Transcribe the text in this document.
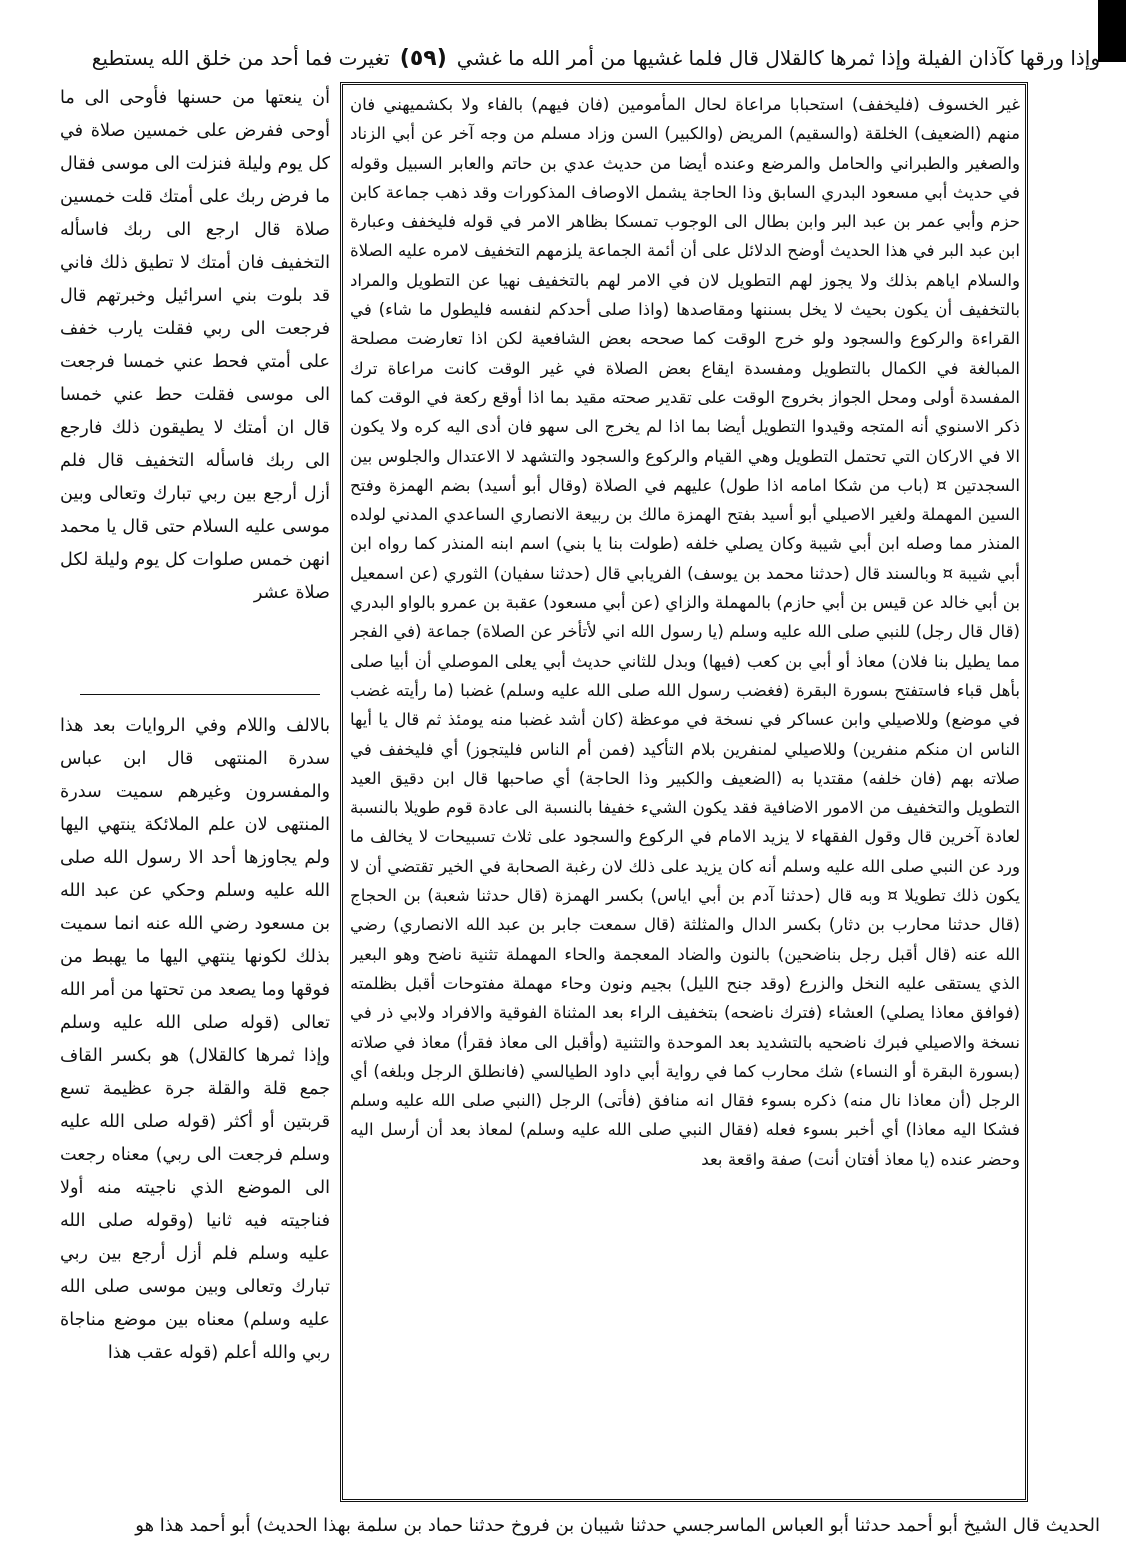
وإذا ورقها كآذان الفيلة وإذا ثمرها كالقلال قال فلما غشيها من أمر الله ما غشي
(٥٩)
تغيرت فما أحد من خلق الله يستطيع

غير الخسوف (فليخفف) استحبابا مراعاة لحال المأمومين (فان فيهم) بالفاء ولا بكشميهني فان منهم (الضعيف) الخلقة (والسقيم) المريض (والكبير) السن وزاد مسلم من وجه آخر عن أبي الزناد والصغير والطبراني والحامل والمرضع وعنده أيضا من حديث عدي بن حاتم والعابر السبيل وقوله في حديث أبي مسعود البدري السابق وذا الحاجة يشمل الاوصاف المذكورات وقد ذهب جماعة كابن حزم وأبي عمر بن عبد البر وابن بطال الى الوجوب تمسكا بظاهر الامر في قوله فليخفف وعبارة ابن عبد البر في هذا الحديث أوضح الدلائل على أن أئمة الجماعة يلزمهم التخفيف لامره عليه الصلاة والسلام اياهم بذلك ولا يجوز لهم التطويل لان في الامر لهم بالتخفيف نهيا عن التطويل والمراد بالتخفيف أن يكون بحيث لا يخل بسننها ومقاصدها (واذا صلى أحدكم لنفسه فليطول ما شاء) في القراءة والركوع والسجود ولو خرج الوقت كما صححه بعض الشافعية لكن اذا تعارضت مصلحة المبالغة في الكمال بالتطويل ومفسدة ايقاع بعض الصلاة في غير الوقت كانت مراعاة ترك المفسدة أولى ومحل الجواز بخروج الوقت على تقدير صحته مقيد بما اذا أوقع ركعة في الوقت كما ذكر الاسنوي أنه المتجه وقيدوا التطويل أيضا بما اذا لم يخرج الى سهو فان أدى اليه كره ولا يكون الا في الاركان التي تحتمل التطويل وهي القيام والركوع والسجود والتشهد لا الاعتدال والجلوس بين السجدتين ¤ (باب من شكا امامه اذا طول) عليهم في الصلاة (وقال أبو أسيد) بضم الهمزة وفتح السين المهملة ولغير الاصيلي أبو أسيد بفتح الهمزة مالك بن ربيعة الانصاري الساعدي المدني لولده المنذر مما وصله ابن أبي شيبة وكان يصلي خلفه (طولت بنا يا بني) اسم ابنه المنذر كما رواه ابن أبي شيبة ¤ وبالسند قال (حدثنا محمد بن يوسف) الفريابي قال (حدثنا سفيان) الثوري (عن اسمعيل بن أبي خالد عن قيس بن أبي حازم) بالمهملة والزاي (عن أبي مسعود) عقبة بن عمرو بالواو البدري (قال قال رجل) للنبي صلى الله عليه وسلم (يا رسول الله اني لأتأخر عن الصلاة) جماعة (في الفجر مما يطيل بنا فلان) معاذ أو أبي بن كعب (فيها) وبدل للثاني حديث أبي يعلى الموصلي أن أبيا صلى بأهل قباء فاستفتح بسورة البقرة (فغضب رسول الله صلى الله عليه وسلم) غضبا (ما رأيته غضب في موضع) وللاصيلي وابن عساكر في نسخة في موعظة (كان أشد غضبا منه يومئذ ثم قال يا أيها الناس ان منكم منفرين) وللاصيلي لمنفرين بلام التأكيد (فمن أم الناس فليتجوز) أي فليخفف في صلاته بهم (فان خلفه) مقتديا به (الضعيف والكبير وذا الحاجة) أي صاحبها قال ابن دقيق العيد التطويل والتخفيف من الامور الاضافية فقد يكون الشيء خفيفا بالنسبة الى عادة قوم طويلا بالنسبة لعادة آخرين قال وقول الفقهاء لا يزيد الامام في الركوع والسجود على ثلاث تسبيحات لا يخالف ما ورد عن النبي صلى الله عليه وسلم أنه كان يزيد على ذلك لان رغبة الصحابة في الخير تقتضي أن لا يكون ذلك تطويلا ¤ وبه قال (حدثنا آدم بن أبي اياس) بكسر الهمزة (قال حدثنا شعبة) بن الحجاج (قال حدثنا محارب بن دثار) بكسر الدال والمثلثة (قال سمعت جابر بن عبد الله الانصاري) رضي الله عنه (قال أقبل رجل بناضحين) بالنون والضاد المعجمة والحاء المهملة تثنية ناضح وهو البعير الذي يستقى عليه النخل والزرع (وقد جنح الليل) بجيم ونون وحاء مهملة مفتوحات أقبل بظلمته (فوافق معاذا يصلي) العشاء (فترك ناضحه) بتخفيف الراء بعد المثناة الفوقية والافراد ولابي ذر في نسخة والاصيلي فبرك ناضحيه بالتشديد بعد الموحدة والتثنية (وأقبل الى معاذ فقرأ) معاذ في صلاته (بسورة البقرة أو النساء) شك محارب كما في رواية أبي داود الطيالسي (فانطلق الرجل وبلغه) أي الرجل (أن معاذا نال منه) ذكره بسوء فقال انه منافق (فأتى) الرجل (النبي صلى الله عليه وسلم فشكا اليه معاذا) أي أخبر بسوء فعله (فقال النبي صلى الله عليه وسلم) لمعاذ بعد أن أرسل اليه وحضر عنده (يا معاذ أفتان أنت) صفة واقعة بعد

أن ينعتها من حسنها فأوحى الى ما أوحى ففرض على خمسين صلاة في كل يوم وليلة فنزلت الى موسى فقال ما فرض ربك على أمتك قلت خمسين صلاة قال ارجع الى ربك فاسأله التخفيف فان أمتك لا تطيق ذلك فاني قد بلوت بني اسرائيل وخبرتهم قال فرجعت الى ربي فقلت يارب خفف على أمتي فحط عني خمسا فرجعت الى موسى فقلت حط عني خمسا قال ان أمتك لا يطيقون ذلك فارجع الى ربك فاسأله التخفيف قال فلم أزل أرجع بين ربي تبارك وتعالى وبين موسى عليه السلام حتى قال يا محمد انهن خمس صلوات كل يوم وليلة لكل صلاة عشر

بالالف واللام وفي الروايات بعد هذا سدرة المنتهى قال ابن عباس والمفسرون وغيرهم سميت سدرة المنتهى لان علم الملائكة ينتهي اليها ولم يجاوزها أحد الا رسول الله صلى الله عليه وسلم وحكي عن عبد الله بن مسعود رضي الله عنه انما سميت بذلك لكونها ينتهي اليها ما يهبط من فوقها وما يصعد من تحتها من أمر الله تعالى (قوله صلى الله عليه وسلم وإذا ثمرها كالقلال) هو بكسر القاف جمع قلة والقلة جرة عظيمة تسع قربتين أو أكثر (قوله صلى الله عليه وسلم فرجعت الى ربي) معناه رجعت الى الموضع الذي ناجيته منه أولا فناجيته فيه ثانيا (وقوله صلى الله عليه وسلم فلم أزل أرجع بين ربي تبارك وتعالى وبين موسى صلى الله عليه وسلم) معناه بين موضع مناجاة ربي والله أعلم (قوله عقب هذا

الحديث قال الشيخ أبو أحمد حدثنا أبو العباس الماسرجسي حدثنا شيبان بن فروخ حدثنا حماد بن سلمة بهذا الحديث) أبو أحمد هذا هو
